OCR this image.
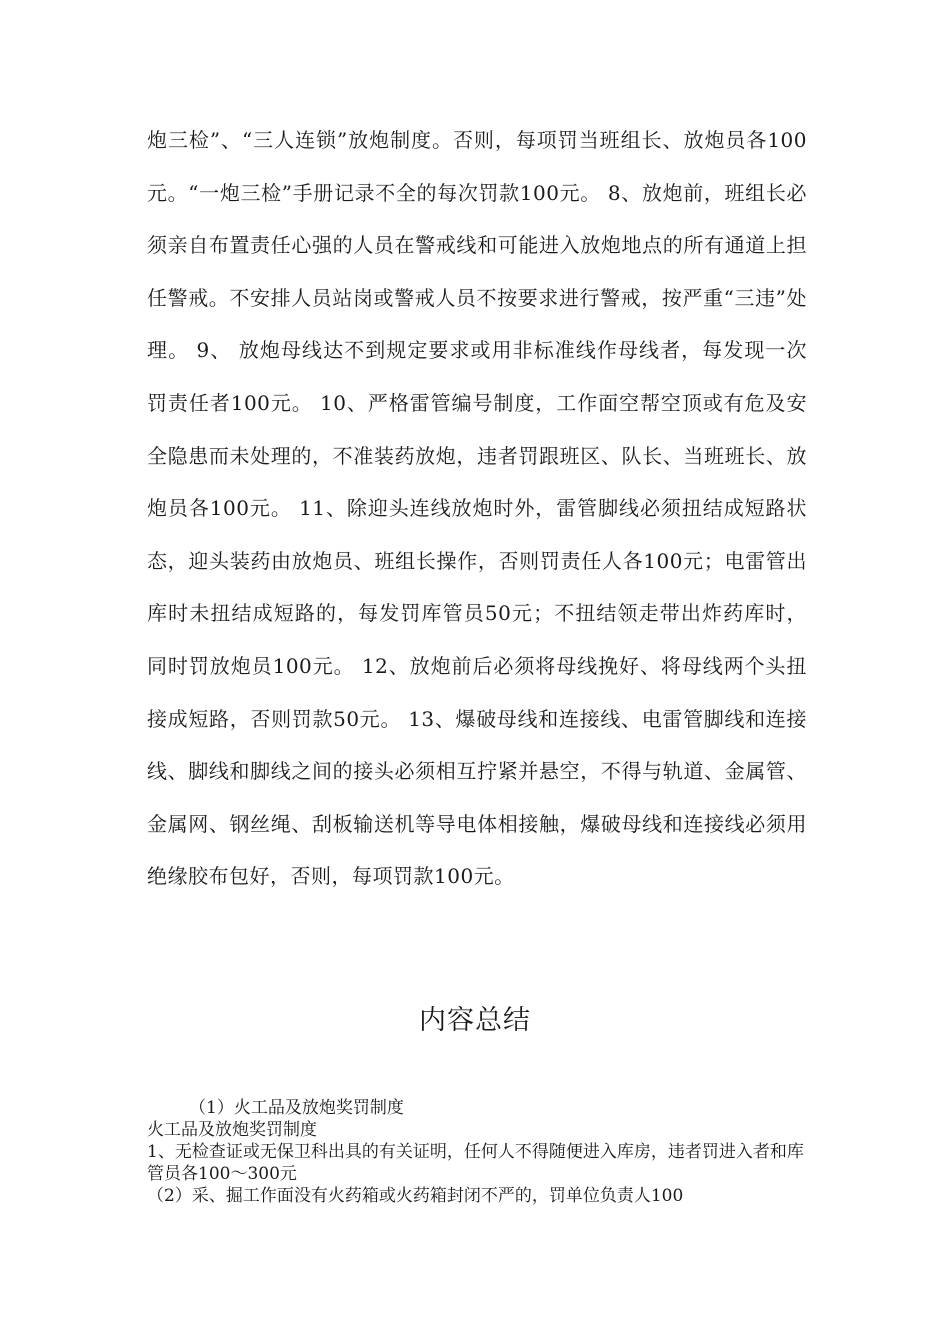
炮三检”、“三人连锁”放炮制度。否则，每项罚当班组长、放炮员各100元。“一炮三检”手册记录不全的每次罚款100元。 8、放炮前，班组长必须亲自布置责任心强的人员在警戒线和可能进入放炮地点的所有通道上担任警戒。不安排人员站岗或警戒人员不按要求进行警戒，按严重“三违”处理。 9、 放炮母线达不到规定要求或用非标准线作母线者，每发现一次罚责任者100元。 10、严格雷管编号制度，工作面空帮空顶或有危及安全隐患而未处理的，不准装药放炮，违者罚跟班区、队长、当班班长、放炮员各100元。 11、除迎头连线放炮时外，雷管脚线必须扭结成短路状态，迎头装药由放炮员、班组长操作，否则罚责任人各100元；电雷管出库时未扭结成短路的，每发罚库管员50元；不扭结领走带出炸药库时，同时罚放炮员100元。 12、放炮前后必须将母线挽好、将母线两个头扭接成短路，否则罚款50元。 13、爆破母线和连接线、电雷管脚线和连接线、脚线和脚线之间的接头必须相互拧紧并悬空，不得与轨道、金属管、金属网、钢丝绳、刮板输送机等导电体相接触，爆破母线和连接线必须用绝缘胶布包好，否则，每项罚款100元。

内容总结

（1）火工品及放炮奖罚制度

火工品及放炮奖罚制度

1、无检查证或无保卫科出具的有关证明，任何人不得随便进入库房，违者罚进入者和库管员各100～300元

（2）采、掘工作面没有火药箱或火药箱封闭不严的，罚单位负责人100
